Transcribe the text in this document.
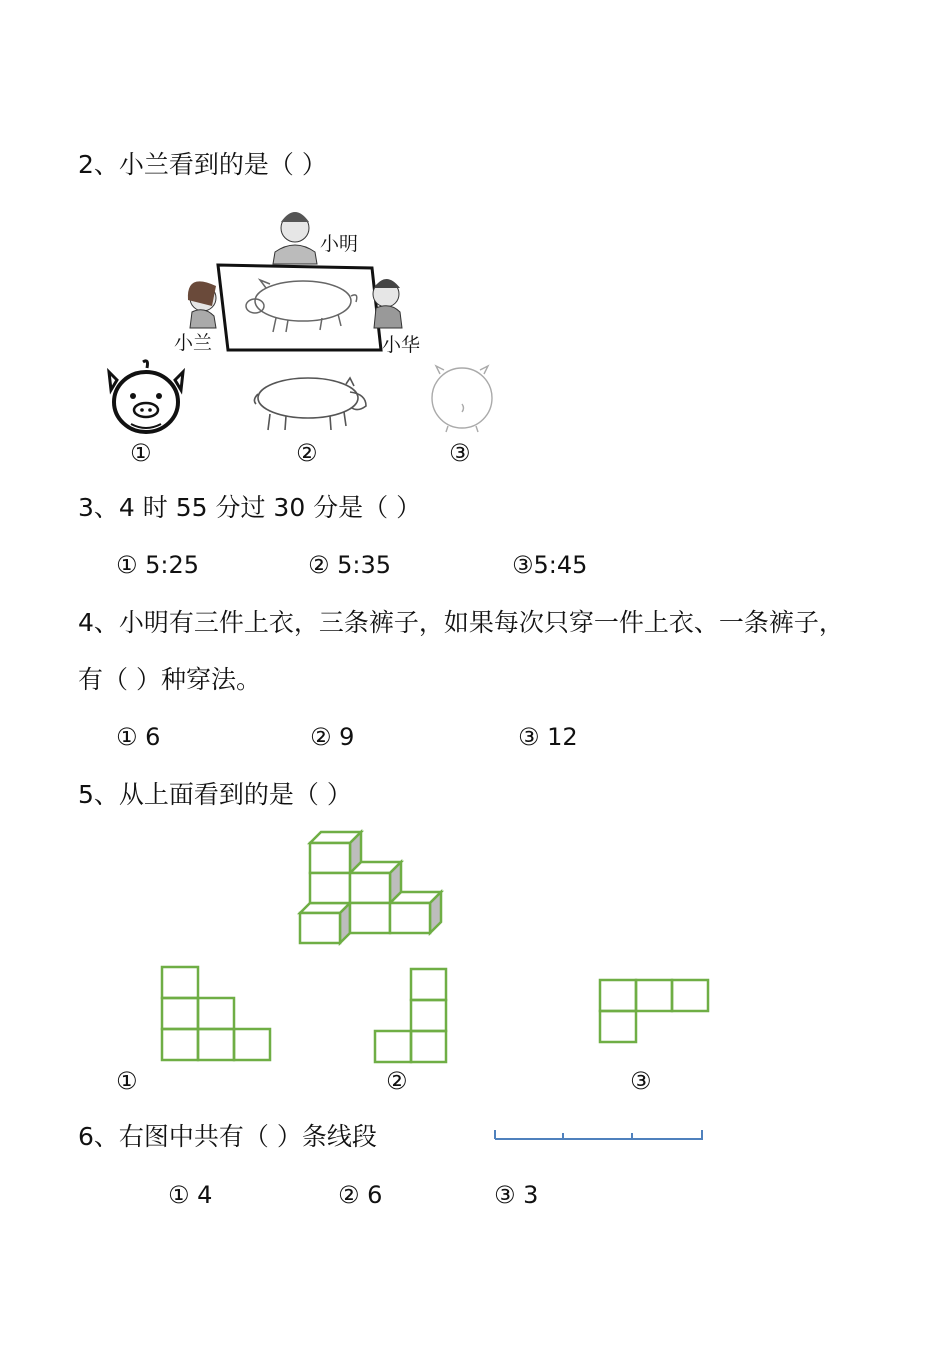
2、小兰看到的是（ ）
小明
小兰	小华
①	②	③
3、4 时 55 分过 30 分是（ ）
① 5:25	② 5:35	③5:45
4、小明有三件上衣，三条裤子，如果每次只穿一件上衣、一条裤子，
有（ ）种穿法。
① 6	② 9	③ 12
5、从上面看到的是（ ）
①	②	③
6、右图中共有（ ）条线段
① 4	② 6	③ 3
